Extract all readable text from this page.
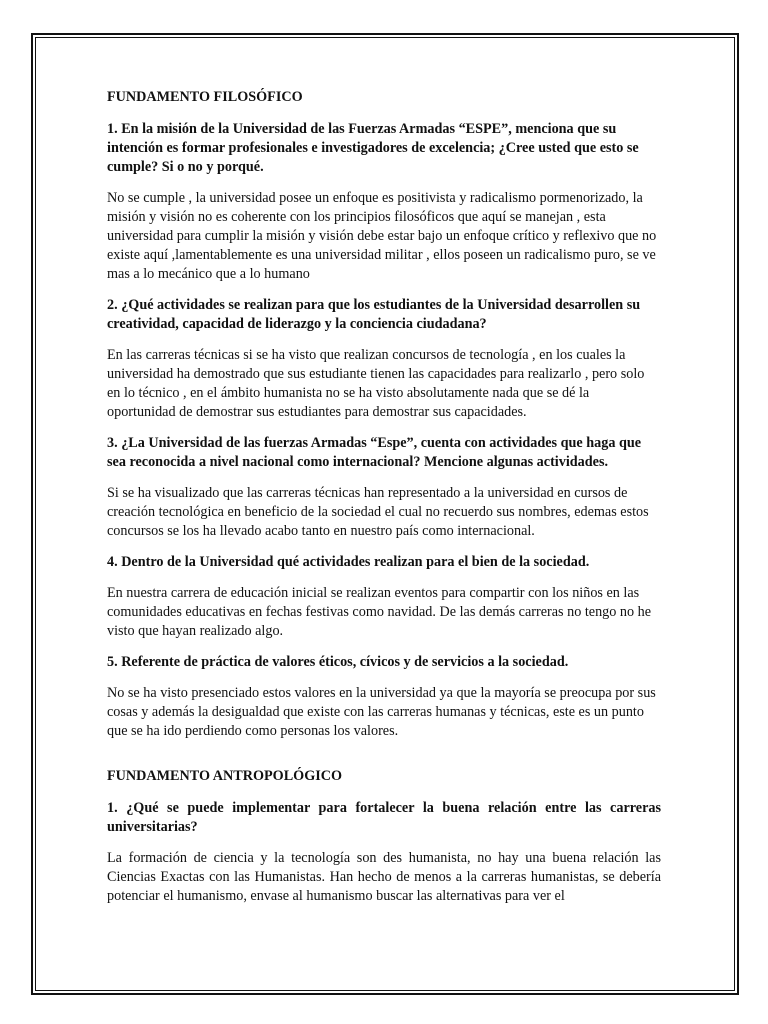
FUNDAMENTO FILOSÓFICO

1. En la misión de la Universidad de las Fuerzas Armadas “ESPE”, menciona que su intención es formar profesionales e investigadores de excelencia; ¿Cree usted que esto se cumple? Si o no y porqué.

No se cumple , la universidad posee un enfoque es positivista y radicalismo pormenorizado, la misión y visión no es coherente con los principios filosóficos que aquí se manejan , esta universidad para cumplir la misión y visión debe estar bajo un enfoque crítico y reflexivo que no existe aquí ,lamentablemente es una universidad militar , ellos poseen un radicalismo puro, se ve mas a lo mecánico que a lo humano

2. ¿Qué actividades se realizan para que los estudiantes de la Universidad desarrollen su creatividad, capacidad de liderazgo y la conciencia ciudadana?

En las carreras técnicas si se ha visto que realizan concursos de tecnología , en los cuales la universidad ha demostrado que sus estudiante tienen las capacidades para realizarlo , pero solo en lo técnico , en el ámbito humanista no se ha visto absolutamente nada que se dé la oportunidad de demostrar sus estudiantes para demostrar sus capacidades.

3. ¿La Universidad de las fuerzas Armadas “Espe”, cuenta con actividades que haga que sea reconocida a nivel nacional como internacional? Mencione algunas actividades.

Si se ha visualizado que las carreras técnicas han representado a la universidad en cursos de creación tecnológica en beneficio de la sociedad el cual no recuerdo sus nombres, edemas estos concursos se los ha llevado acabo tanto en nuestro país como internacional.

4. Dentro de la Universidad qué actividades realizan para el bien de la sociedad.

En nuestra carrera de educación inicial se realizan eventos para compartir con los niños en las comunidades educativas en fechas festivas como navidad. De las demás carreras no tengo no he visto que hayan realizado algo.

5. Referente de práctica de valores éticos, cívicos y de servicios a la sociedad.

No se ha visto presenciado estos valores en la universidad ya que la mayoría se preocupa por sus cosas y además la desigualdad que existe con las carreras humanas y técnicas, este es un punto que se ha ido perdiendo como personas los valores.

FUNDAMENTO ANTROPOLÓGICO

1. ¿Qué se puede implementar para fortalecer la buena relación entre las carreras universitarias?

La formación de ciencia y la tecnología son des humanista, no hay una buena relación las Ciencias Exactas con las Humanistas. Han hecho de menos a la carreras humanistas, se debería potenciar el humanismo, envase al humanismo buscar las alternativas para ver el
